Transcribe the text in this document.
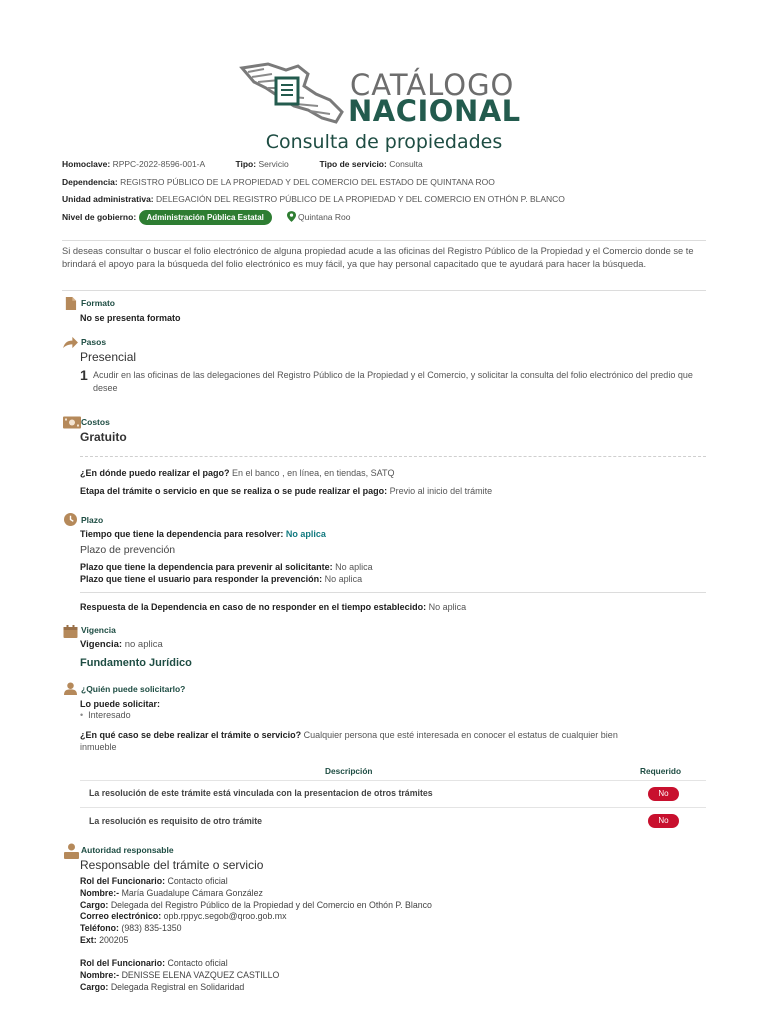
CATÁLOGO
NACIONAL
Consulta de propiedades
Homoclave: RPPC-2022-8596-001-A	Tipo: Servicio	Tipo de servicio: Consulta
Dependencia: REGISTRO PÚBLICO DE LA PROPIEDAD Y DEL COMERCIO DEL ESTADO DE QUINTANA ROO
Unidad administrativa: DELEGACIÓN DEL REGISTRO PÚBLICO DE LA PROPIEDAD Y DEL COMERCIO EN OTHÓN P. BLANCO
Nivel de gobierno: Administración Pública Estatal	Quintana Roo
Si deseas consultar o buscar el folio electrónico de alguna propiedad acude a las oficinas del Registro Público de la Propiedad y el Comercio donde se te brindará el apoyo para la búsqueda del folio electrónico es muy fácil, ya que hay personal capacitado que te ayudará para hacer la búsqueda.
Formato
No se presenta formato
Pasos
Presencial
1 Acudir en las oficinas de las delegaciones del Registro Público de la Propiedad y el Comercio, y solicitar la consulta del folio electrónico del predio que desee
Costos
Gratuito
¿En dónde puedo realizar el pago? En el banco , en línea, en tiendas, SATQ
Etapa del trámite o servicio en que se realiza o se pude realizar el pago: Previo al inicio del trámite
Plazo
Tiempo que tiene la dependencia para resolver: No aplica
Plazo de prevención
Plazo que tiene la dependencia para prevenir al solicitante: No aplica
Plazo que tiene el usuario para responder la prevención: No aplica
Respuesta de la Dependencia en caso de no responder en el tiempo establecido: No aplica
Vigencia
Vigencia: no aplica
Fundamento Jurídico
¿Quién puede solicitarlo?
Lo puede solicitar:
• Interesado
¿En qué caso se debe realizar el trámite o servicio? Cualquier persona que esté interesada en conocer el estatus de cualquier bien
inmueble
Descripción	Requerido
La resolución de este trámite está vinculada con la presentacion de otros trámites	No
La resolución es requisito de otro trámite	No
Autoridad responsable
Responsable del trámite o servicio
Rol del Funcionario: Contacto oficial
Nombre:- María Guadalupe Cámara González
Cargo: Delegada del Registro Público de la Propiedad y del Comercio en Othón P. Blanco
Correo electrónico: opb.rppyc.segob@qroo.gob.mx
Teléfono: (983) 835-1350
Ext: 200205
Rol del Funcionario: Contacto oficial
Nombre:- DENISSE ELENA VAZQUEZ CASTILLO
Cargo: Delegada Registral en Solidaridad
